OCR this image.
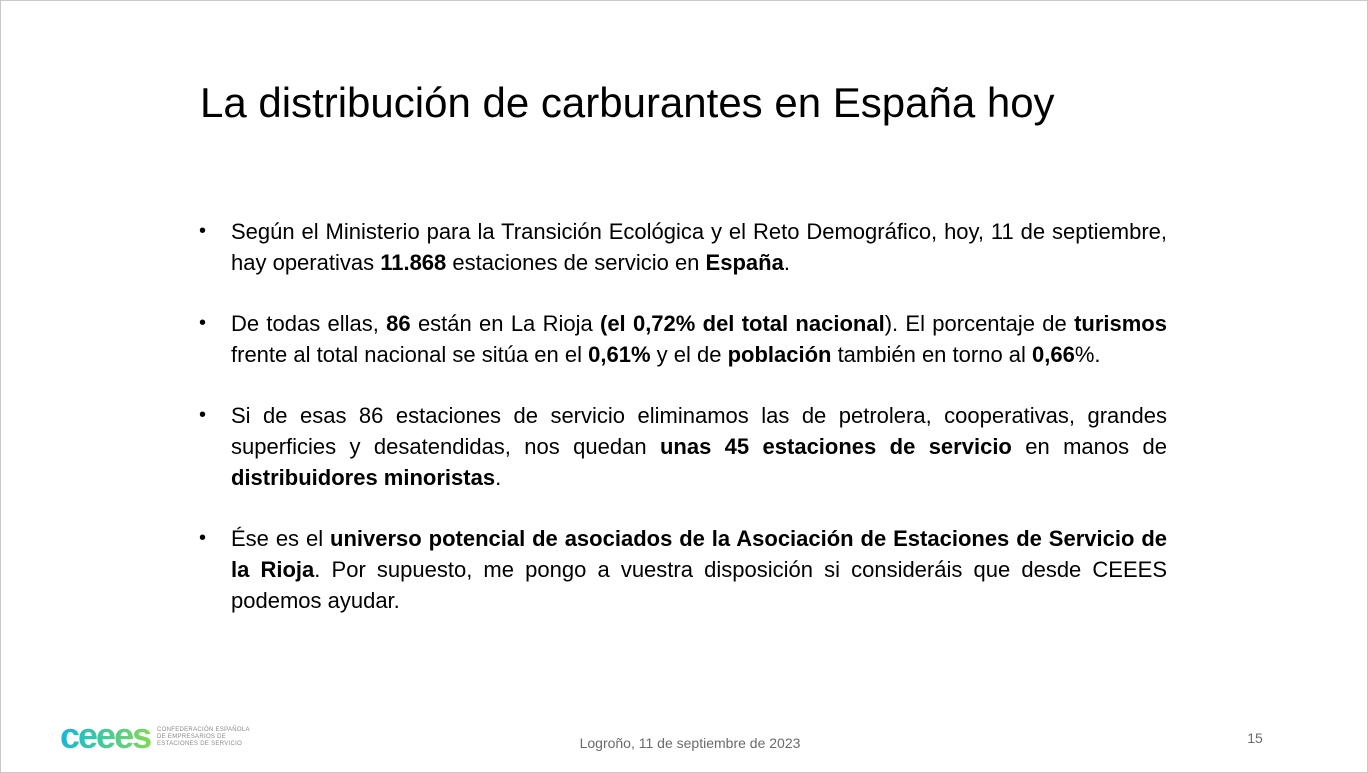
La distribución de carburantes en España hoy
•	Según el Ministerio para la Transición Ecológica y el Reto Demográfico, hoy, 11 de septiembre, hay operativas 11.868 estaciones de servicio en España.
•	De todas ellas, 86 están en La Rioja (el 0,72% del total nacional). El porcentaje de turismos frente al total nacional se sitúa en el 0,61% y el de población también en torno al 0,66%.
•	Si de esas 86 estaciones de servicio eliminamos las de petrolera, cooperativas, grandes superficies y desatendidas, nos quedan unas 45 estaciones de servicio en manos de distribuidores minoristas.
•	Ése es el universo potencial de asociados de la Asociación de Estaciones de Servicio de la Rioja. Por supuesto, me pongo a vuestra disposición si consideráis que desde CEEES podemos ayudar.
ceees CONFEDERACIÓN ESPAÑOLA
DE EMPRESARIOS DE
ESTACIONES DE SERVICIO	Logroño, 11 de septiembre de 2023	15
